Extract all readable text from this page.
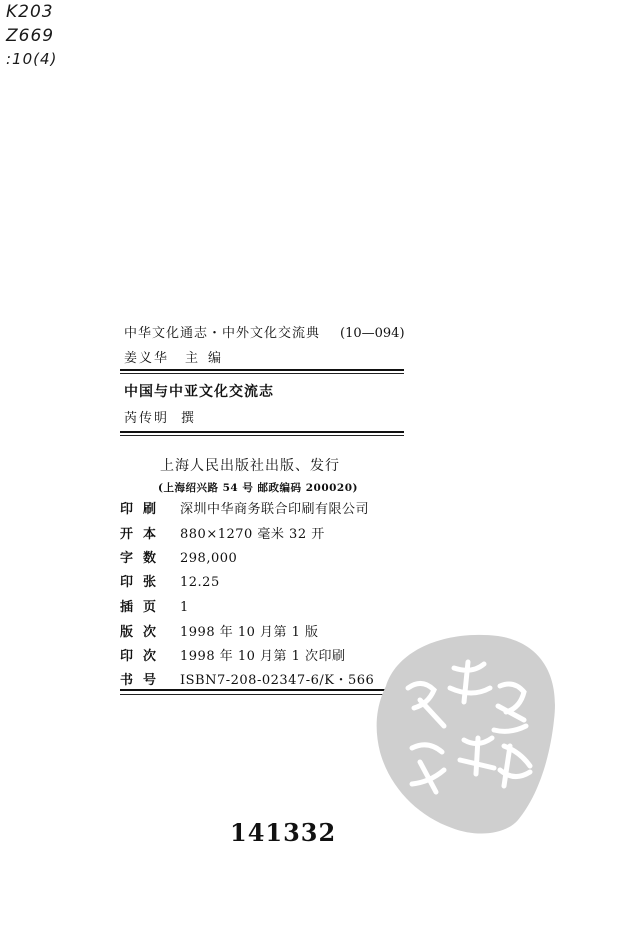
K203
Z669
:10(4)
中华文化通志・中外文化交流典 (10—094)
姜义华 主编
中国与中亚文化交流志
芮传明 撰
上海人民出版社出版、发行
(上海绍兴路 54 号 邮政编码 200020)
印刷 深圳中华商务联合印刷有限公司
开本 880×1270 毫米 32 开
字数 298,000
印张 12.25
插页 1
版次 1998 年 10 月第 1 版
印次 1998 年 10 月第 1 次印刷
书号 ISBN7-208-02347-6/K・566
141332
